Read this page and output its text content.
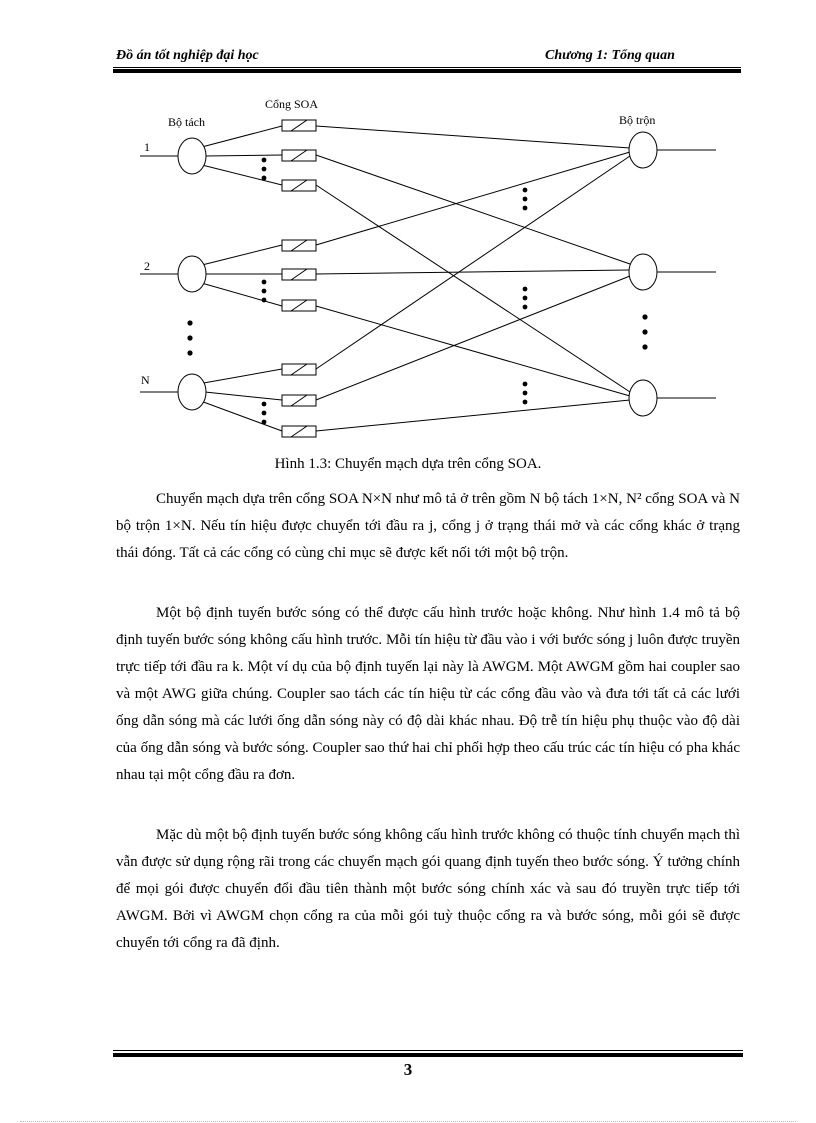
Đồ án tốt nghiệp đại học	Chương 1: Tổng quan
Bộ tách
Cổng SOA
Bộ trộn
1
2
N
Hình 1.3: Chuyển mạch dựa trên cổng SOA.

Chuyển mạch dựa trên cổng SOA N×N như mô tả ở trên gồm N bộ tách 1×N, N² cổng SOA và N bộ trộn 1×N. Nếu tín hiệu được chuyển tới đầu ra j, cổng j ở trạng thái mở và các cổng khác ở trạng thái đóng. Tất cả các cổng có cùng chỉ mục sẽ được kết nối tới một bộ trộn.

Một bộ định tuyến bước sóng có thể được cấu hình trước hoặc không. Như hình 1.4 mô tả bộ định tuyến bước sóng không cấu hình trước. Mỗi tín hiệu từ đầu vào i với bước sóng j luôn được truyền trực tiếp tới đầu ra k. Một ví dụ của bộ định tuyến lại này là AWGM. Một AWGM gồm hai coupler sao và một AWG giữa chúng. Coupler sao tách các tín hiệu từ các cổng đầu vào và đưa tới tất cả các lưới ống dẫn sóng mà các lưới ống dẫn sóng này có độ dài khác nhau. Độ trễ tín hiệu phụ thuộc vào độ dài của ống dẫn sóng và bước sóng. Coupler sao thứ hai chỉ phối hợp theo cấu trúc các tín hiệu có pha khác nhau tại một cổng đầu ra đơn.

Mặc dù một bộ định tuyến bước sóng không cấu hình trước không có thuộc tính chuyển mạch thì vẫn được sử dụng rộng rãi trong các chuyển mạch gói quang định tuyến theo bước sóng. Ý tưởng chính để mọi gói được chuyển đổi đầu tiên thành một bước sóng chính xác và sau đó truyền trực tiếp tới AWGM. Bởi vì AWGM chọn cổng ra của mỗi gói tuỳ thuộc cổng ra và bước sóng, mỗi gói sẽ được chuyển tới cổng ra đã định.

3
